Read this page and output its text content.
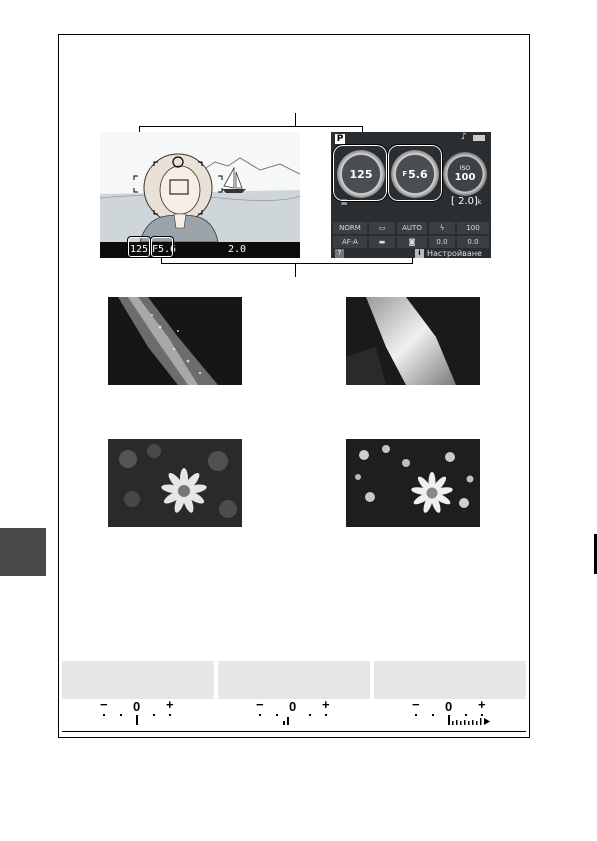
125 F5.6	2.0
P	♪
125	F 5.6	ISO
100
▦	[ 2.0]k
NORM	▭	AUTO	ϟ	100
AF-A	▬	◙	0.0	0.0
?	i Настройване
− 0 +	− 0 +	− 0 +
